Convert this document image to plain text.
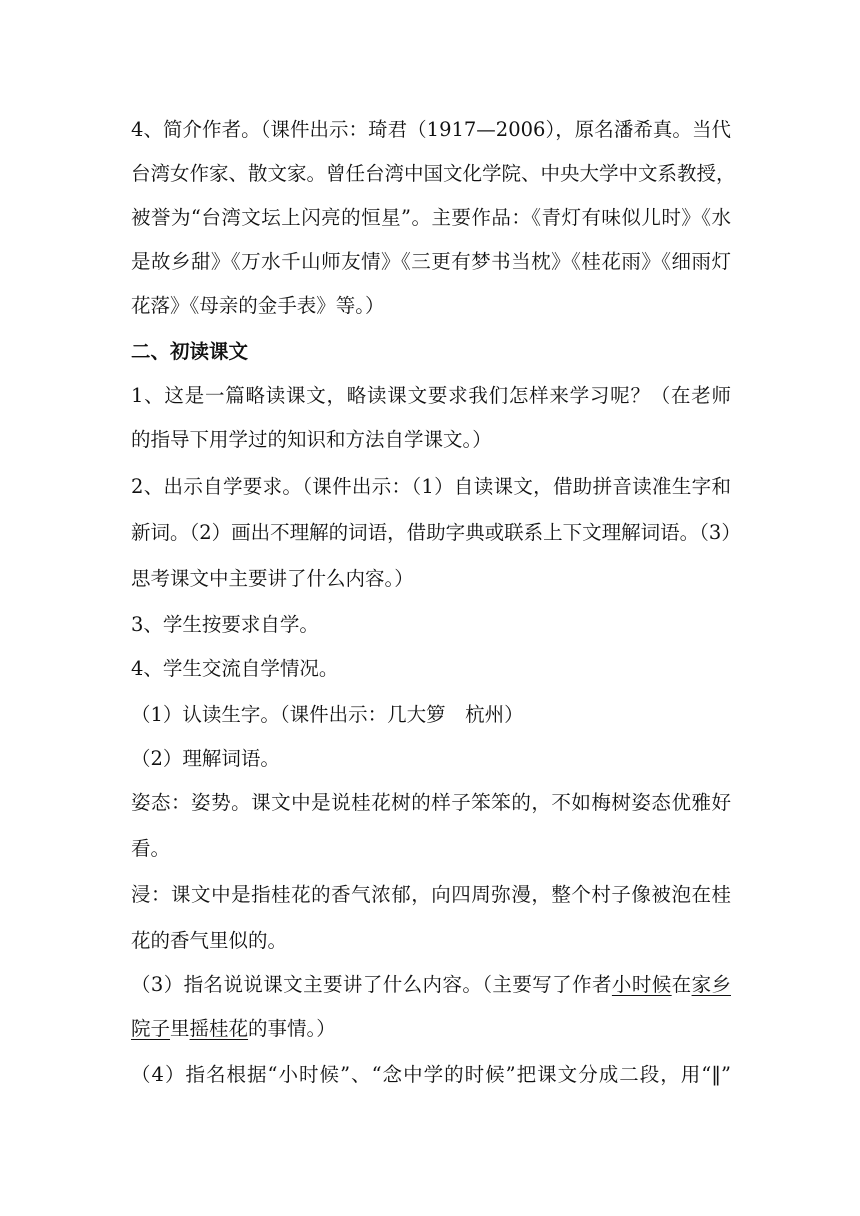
4、简介作者。（课件出示：琦君（1917—2006），原名潘希真。当代
台湾女作家、散文家。曾任台湾中国文化学院、中央大学中文系教授，
被誉为“台湾文坛上闪亮的恒星”。主要作品：《青灯有味似儿时》《水
是故乡甜》《万水千山师友情》《三更有梦书当枕》《桂花雨》《细雨灯
花落》《母亲的金手表》等。）
二、初读课文
1、这是一篇略读课文，略读课文要求我们怎样来学习呢？（在老师
的指导下用学过的知识和方法自学课文。）
2、出示自学要求。（课件出示：（1）自读课文，借助拼音读准生字和
新词。（2）画出不理解的词语，借助字典或联系上下文理解词语。（3）
思考课文中主要讲了什么内容。）
3、学生按要求自学。
4、学生交流自学情况。
（1）认读生字。（课件出示：几大箩　杭州）
（2）理解词语。
姿态：姿势。课文中是说桂花树的样子笨笨的，不如梅树姿态优雅好
看。
浸：课文中是指桂花的香气浓郁，向四周弥漫，整个村子像被泡在桂
花的香气里似的。
（3）指名说说课文主要讲了什么内容。（主要写了作者小时候在家乡
院子里摇桂花的事情。）
（4）指名根据“小时候”、“念中学的时候”把课文分成二段，用“‖”
